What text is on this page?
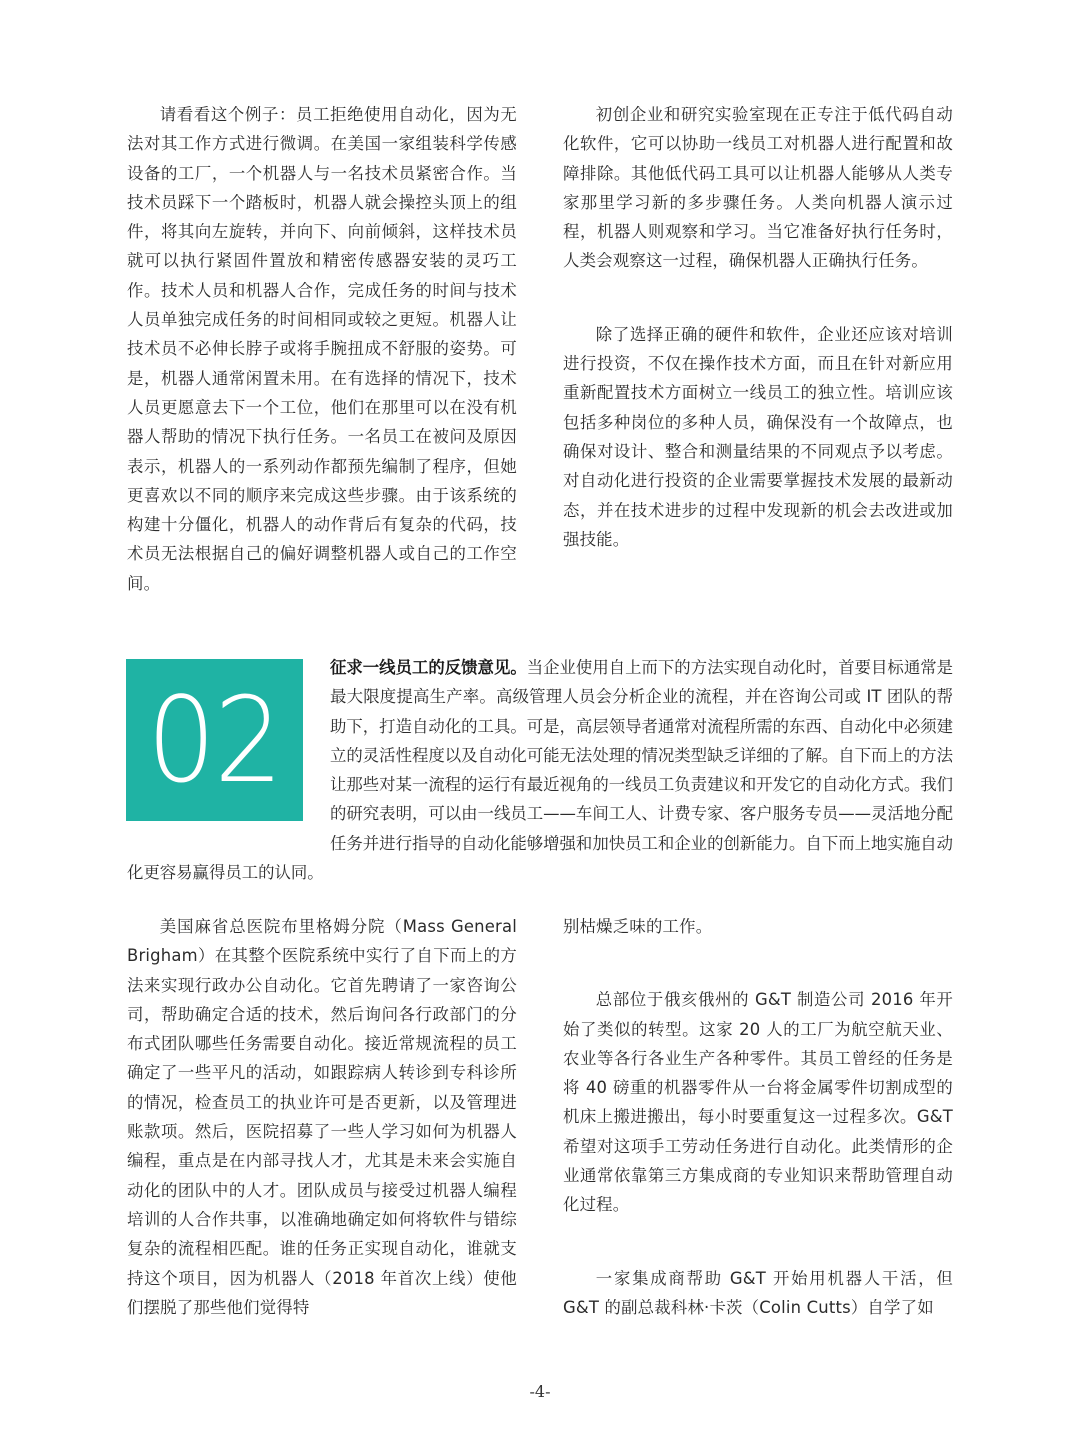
请看看这个例子：员工拒绝使用自动化，因为无法对其工作方式进行微调。在美国一家组装科学传感设备的工厂，一个机器人与一名技术员紧密合作。当技术员踩下一个踏板时，机器人就会操控头顶上的组件，将其向左旋转，并向下、向前倾斜，这样技术员就可以执行紧固件置放和精密传感器安装的灵巧工作。技术人员和机器人合作，完成任务的时间与技术人员单独完成任务的时间相同或较之更短。机器人让技术员不必伸长脖子或将手腕扭成不舒服的姿势。可是，机器人通常闲置未用。在有选择的情况下，技术人员更愿意去下一个工位，他们在那里可以在没有机器人帮助的情况下执行任务。一名员工在被问及原因表示，机器人的一系列动作都预先编制了程序，但她更喜欢以不同的顺序来完成这些步骤。由于该系统的构建十分僵化，机器人的动作背后有复杂的代码，技术员无法根据自己的偏好调整机器人或自己的工作空间。

初创企业和研究实验室现在正专注于低代码自动化软件，它可以协助一线员工对机器人进行配置和故障排除。其他低代码工具可以让机器人能够从人类专家那里学习新的多步骤任务。人类向机器人演示过程，机器人则观察和学习。当它准备好执行任务时，人类会观察这一过程，确保机器人正确执行任务。

除了选择正确的硬件和软件，企业还应该对培训进行投资，不仅在操作技术方面，而且在针对新应用重新配置技术方面树立一线员工的独立性。培训应该包括多种岗位的多种人员，确保没有一个故障点，也确保对设计、整合和测量结果的不同观点予以考虑。对自动化进行投资的企业需要掌握技术发展的最新动态，并在技术进步的过程中发现新的机会去改进或加强技能。

02

征求一线员工的反馈意见。当企业使用自上而下的方法实现自动化时，首要目标通常是最大限度提高生产率。高级管理人员会分析企业的流程，并在咨询公司或 IT 团队的帮助下，打造自动化的工具。可是，高层领导者通常对流程所需的东西、自动化中必须建立的灵活性程度以及自动化可能无法处理的情况类型缺乏详细的了解。自下而上的方法让那些对某一流程的运行有最近视角的一线员工负责建议和开发它的自动化方式。我们的研究表明，可以由一线员工——车间工人、计费专家、客户服务专员——灵活地分配任务并进行指导的自动化能够增强和加快员工和企业的创新能力。自下而上地实施自动化更容易赢得员工的认同。

美国麻省总医院布里格姆分院（Mass General Brigham）在其整个医院系统中实行了自下而上的方法来实现行政办公自动化。它首先聘请了一家咨询公司，帮助确定合适的技术，然后询问各行政部门的分布式团队哪些任务需要自动化。接近常规流程的员工确定了一些平凡的活动，如跟踪病人转诊到专科诊所的情况，检查员工的执业许可是否更新，以及管理进账款项。然后，医院招募了一些人学习如何为机器人编程，重点是在内部寻找人才，尤其是未来会实施自动化的团队中的人才。团队成员与接受过机器人编程培训的人合作共事，以准确地确定如何将软件与错综复杂的流程相匹配。谁的任务正实现自动化，谁就支持这个项目，因为机器人（2018 年首次上线）使他们摆脱了那些他们觉得特

别枯燥乏味的工作。

总部位于俄亥俄州的 G&T 制造公司 2016 年开始了类似的转型。这家 20 人的工厂为航空航天业、农业等各行各业生产各种零件。其员工曾经的任务是将 40 磅重的机器零件从一台将金属零件切割成型的机床上搬进搬出，每小时要重复这一过程多次。G&T 希望对这项手工劳动任务进行自动化。此类情形的企业通常依靠第三方集成商的专业知识来帮助管理自动化过程。

一家集成商帮助 G&T 开始用机器人干活，但 G&T 的副总裁科林·卡茨（Colin Cutts）自学了如

-4-
